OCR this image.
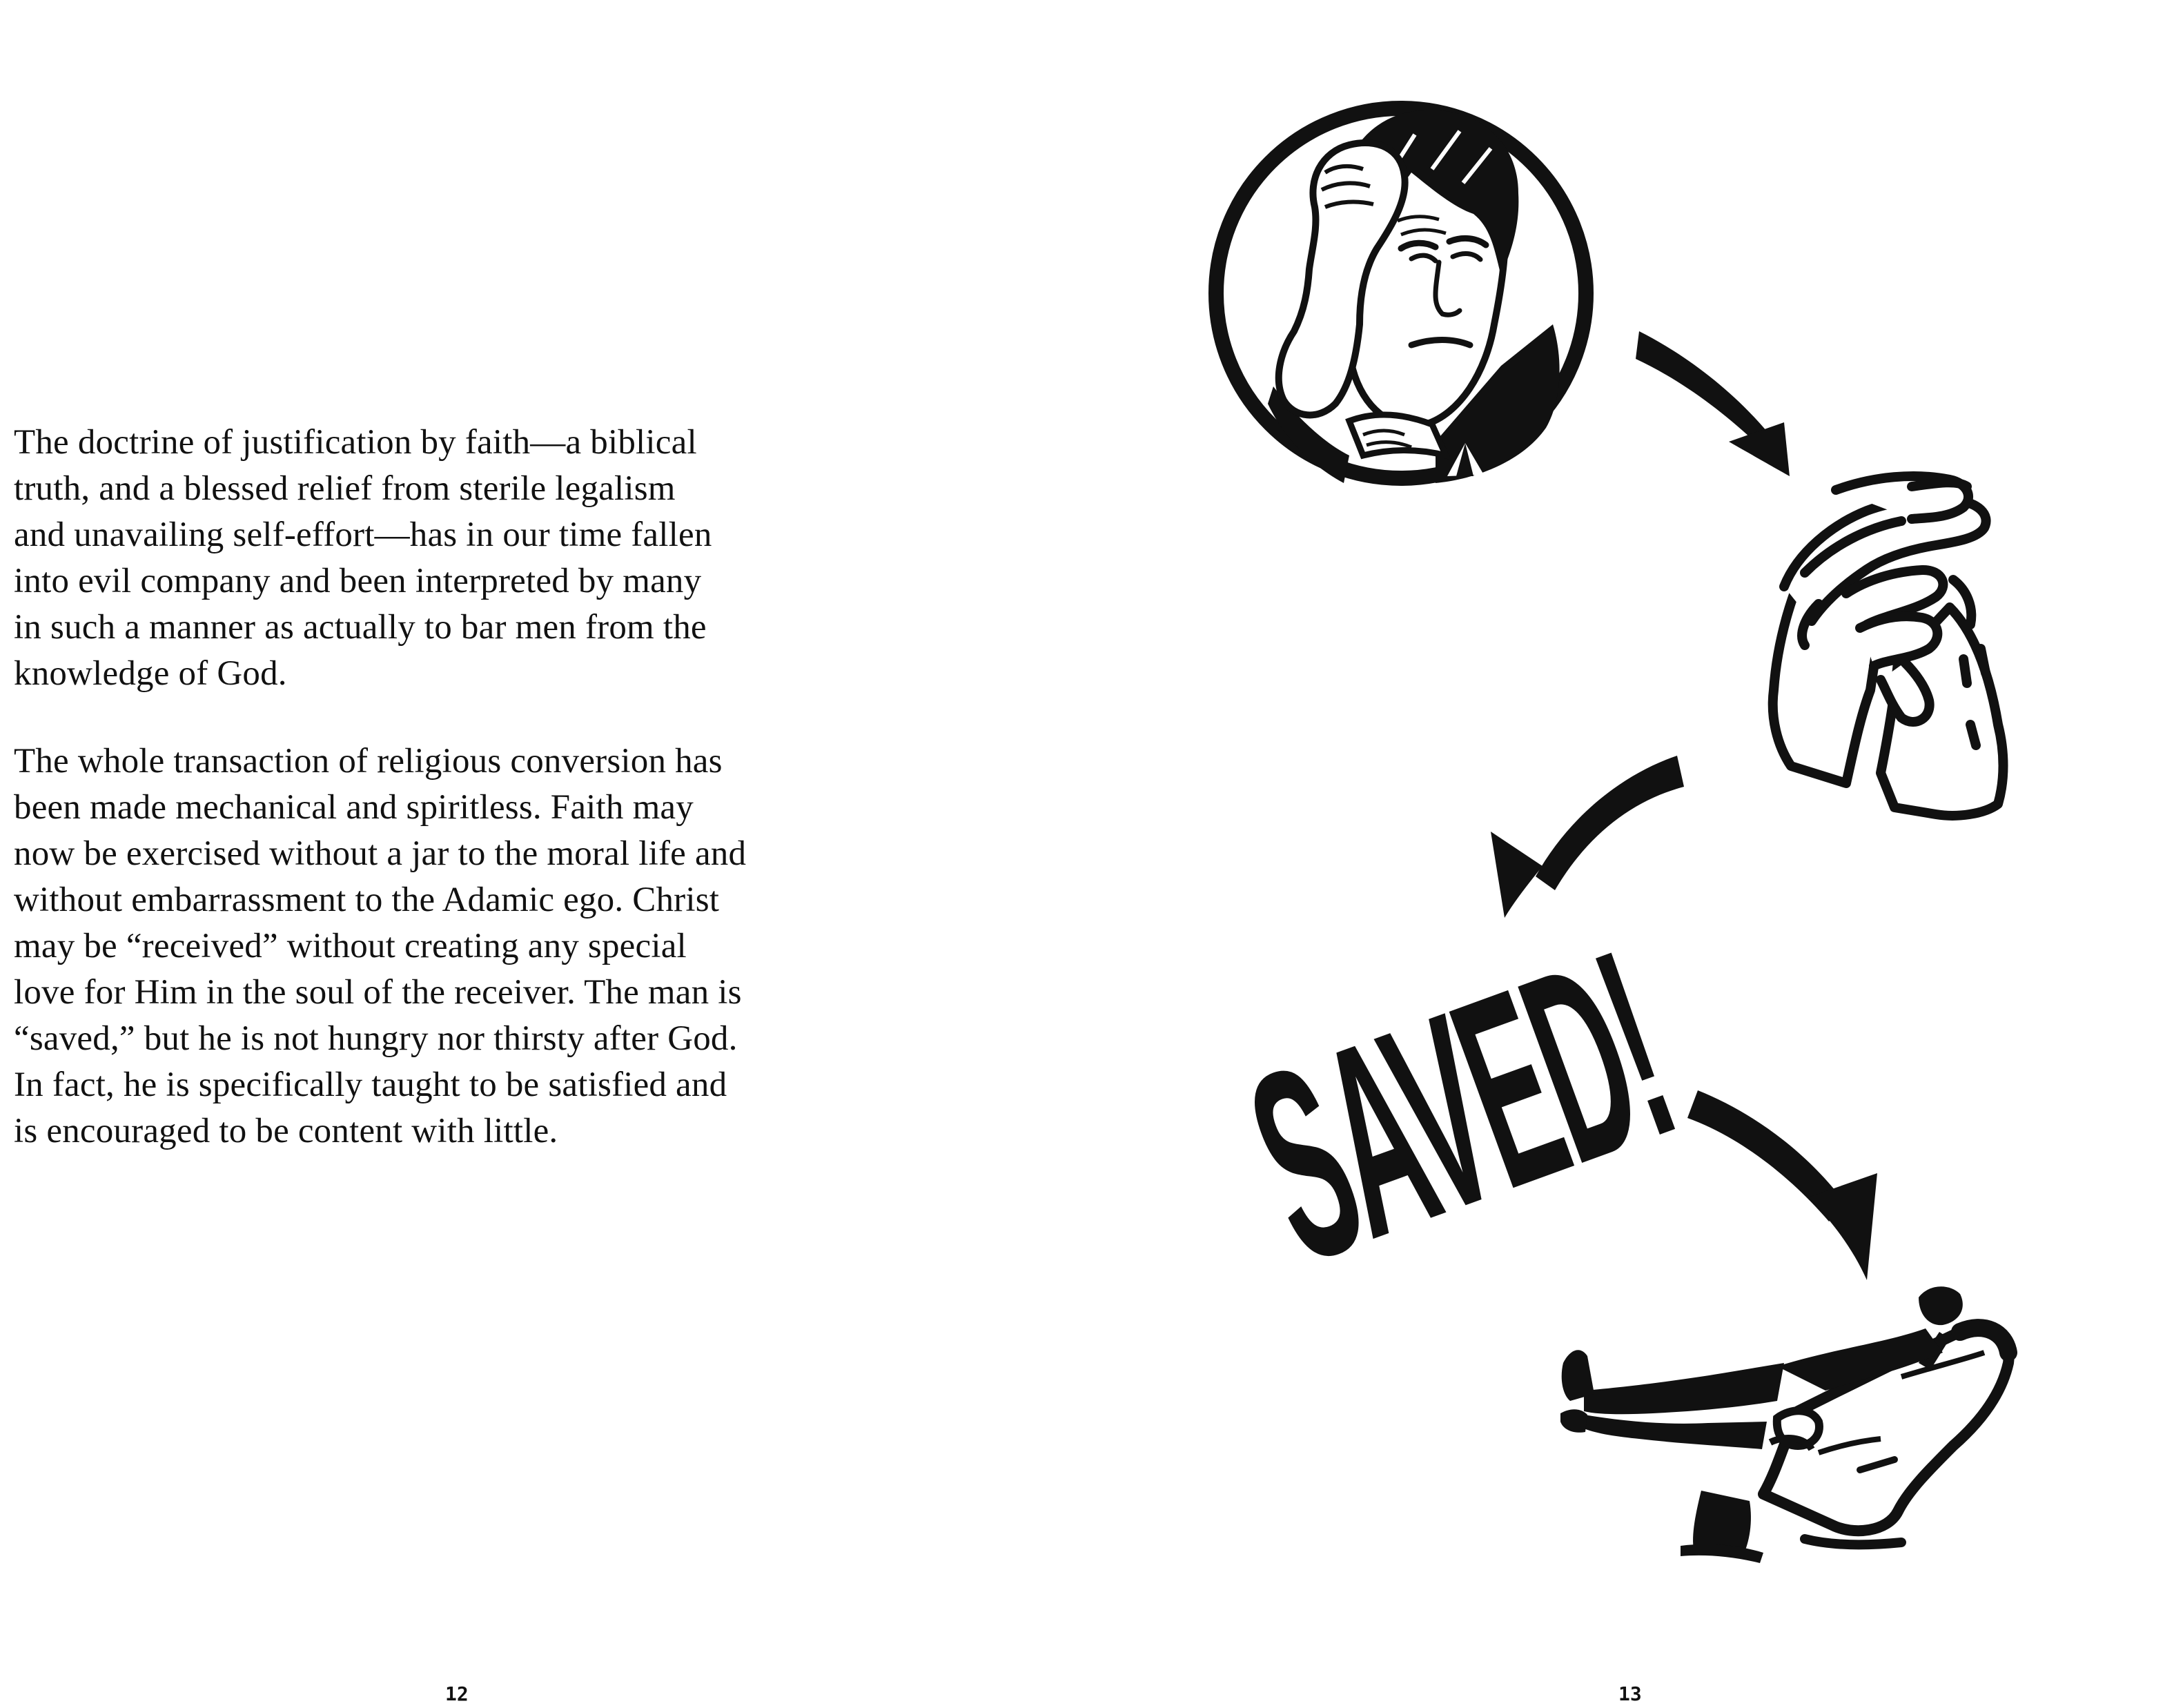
The doctrine of justification by faith—a biblical
truth, and a blessed relief from sterile legalism
and unavailing self-effort—has in our time fallen
into evil company and been interpreted by many
in such a manner as actually to bar men from the
knowledge of God.

The whole transaction of religious conversion has
been made mechanical and spiritless. Faith may
now be exercised without a jar to the moral life and
without embarrassment to the Adamic ego. Christ
may be “received” without creating any special
love for Him in the soul of the receiver. The man is
“saved,” but he is not hungry nor thirsty after God.
In fact, he is specifically taught to be satisfied and
is encouraged to be content with little.

12
SAVED!
13
